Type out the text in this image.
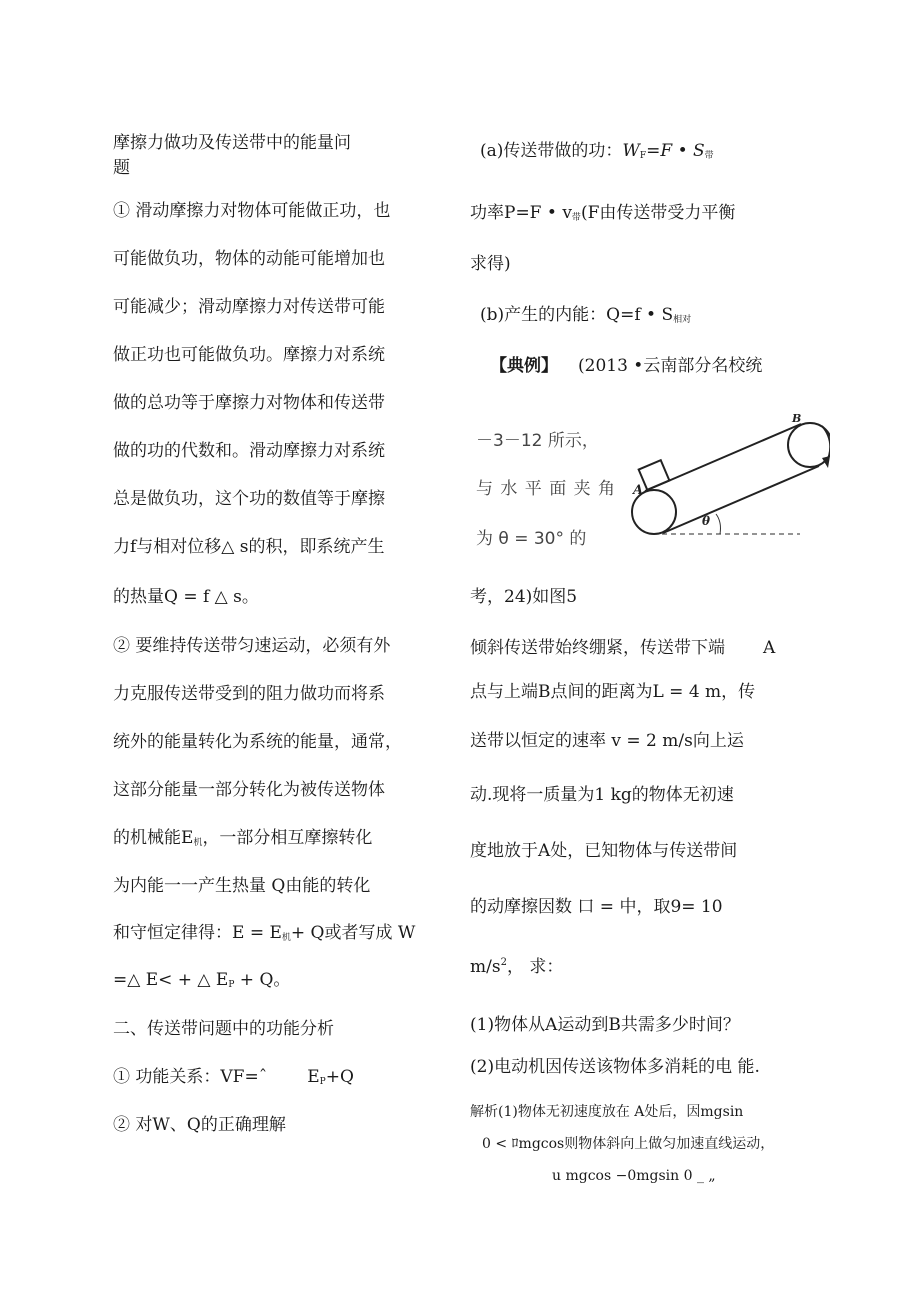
摩擦力做功及传送带中的能量问
题
① 滑动摩擦力对物体可能做正功，也
可能做负功，物体的动能可能增加也
可能减少；滑动摩擦力对传送带可能
做正功也可能做负功。摩擦力对系统
做的总功等于摩擦力对物体和传送带
做的功的代数和。滑动摩擦力对系统
总是做负功，这个功的数值等于摩擦
力f与相对位移△ s的积，即系统产生
的热量Q = f △ s。
② 要维持传送带匀速运动，必须有外
力克服传送带受到的阻力做功而将系
统外的能量转化为系统的能量，通常，
这部分能量一部分转化为被传送物体
的机械能$E_机$，一部分相互摩擦转化
为内能一一产生热量 Q由能的转化
和守恒定律得：$E = E_机+ Q$或者写成 W
=△ E< + △ $E_P + Q$。
二、传送带问题中的功能分析
① 功能关系：VF=ˆ $E_P+Q$
② 对W、Q的正确理解
(a)传送带做的功：$W_F=F$ • $S_带$
功率P=F • $v_带(F$由传送带受力平衡
求得)
(b)产生的内能：Q=f • $S_{相对}$
【典例】 (2013 •云南部分名校统
－3－12 所示，
与 水 平 面 夹 角
为 θ = 30° 的
A
B
θ
考，24)如图5
倾斜传送带始终绷紧，传送带下端 A
点与上端B点间的距离为L = 4 m，传
送带以恒定的速率 v = 2 m/s向上运
动.现将一质量为1 kg的物体无初速
度地放于A处，已知物体与传送带间
的动摩擦因数 口 = 中，取9= 10
$m/s^2$， 求：
(1)物体从A运动到B共需多少时间？
(2)电动机因传送该物体多消耗的电 能.
解析(1)物体无初速度放在 A处后，因mgsin
0 < ﾛmgcos则物体斜向上做匀加速直线运动，
u mgcos −0mgsin 0 _ „
